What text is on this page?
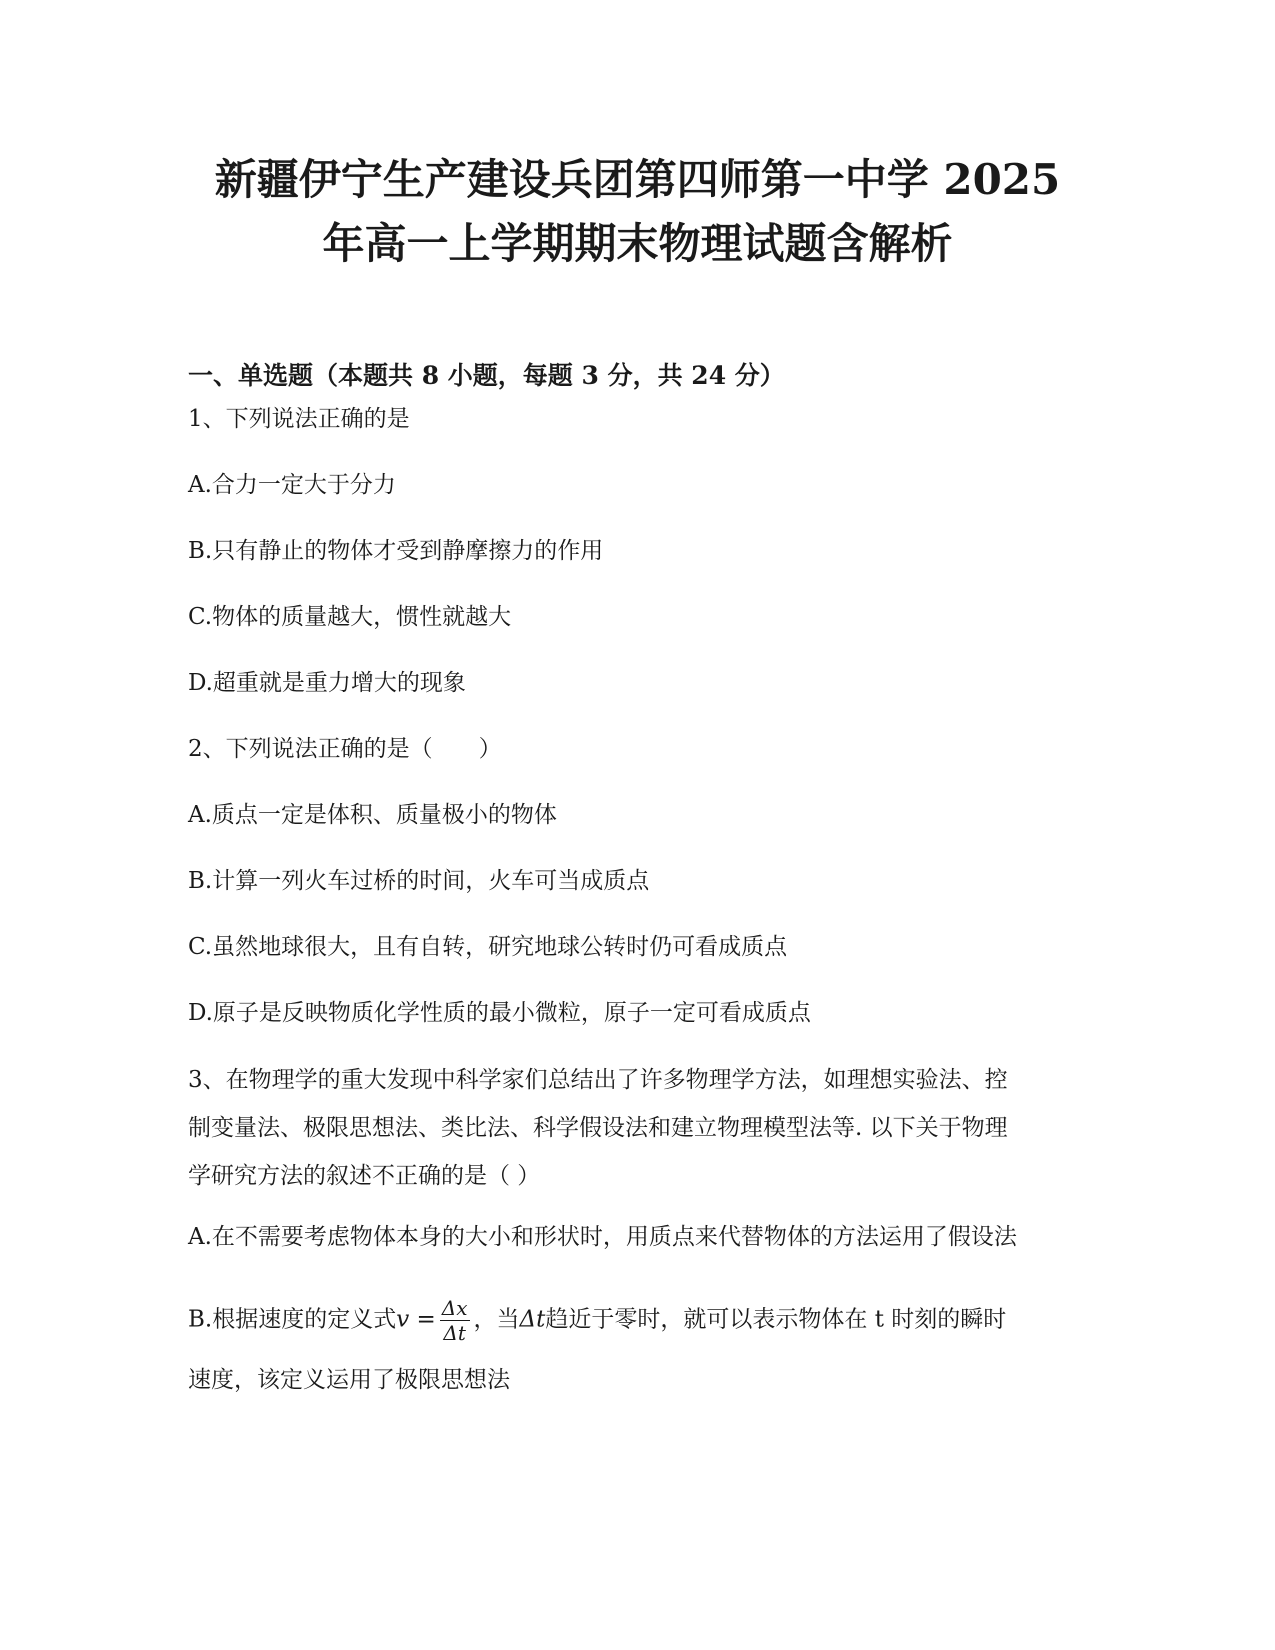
新疆伊宁生产建设兵团第四师第一中学 2025
年高一上学期期末物理试题含解析
一、单选题（本题共 8 小题，每题 3 分，共 24 分）
1、下列说法正确的是
A.合力一定大于分力
B.只有静止的物体才受到静摩擦力的作用
C.物体的质量越大，惯性就越大
D.超重就是重力增大的现象
2、下列说法正确的是（　　）
A.质点一定是体积、质量极小的物体
B.计算一列火车过桥的时间，火车可当成质点
C.虽然地球很大，且有自转，研究地球公转时仍可看成质点
D.原子是反映物质化学性质的最小微粒，原子一定可看成质点
3、在物理学的重大发现中科学家们总结出了许多物理学方法，如理想实验法、控
制变量法、极限思想法、类比法、科学假设法和建立物理模型法等. 以下关于物理
学研究方法的叙述不正确的是（ ）
A.在不需要考虑物体本身的大小和形状时，用质点来代替物体的方法运用了假设法
B.根据速度的定义式$v = \frac{\Delta x}{\Delta t}$ ，当Δt趋近于零时，就可以表示物体在 t 时刻的瞬时
速度，该定义运用了极限思想法
